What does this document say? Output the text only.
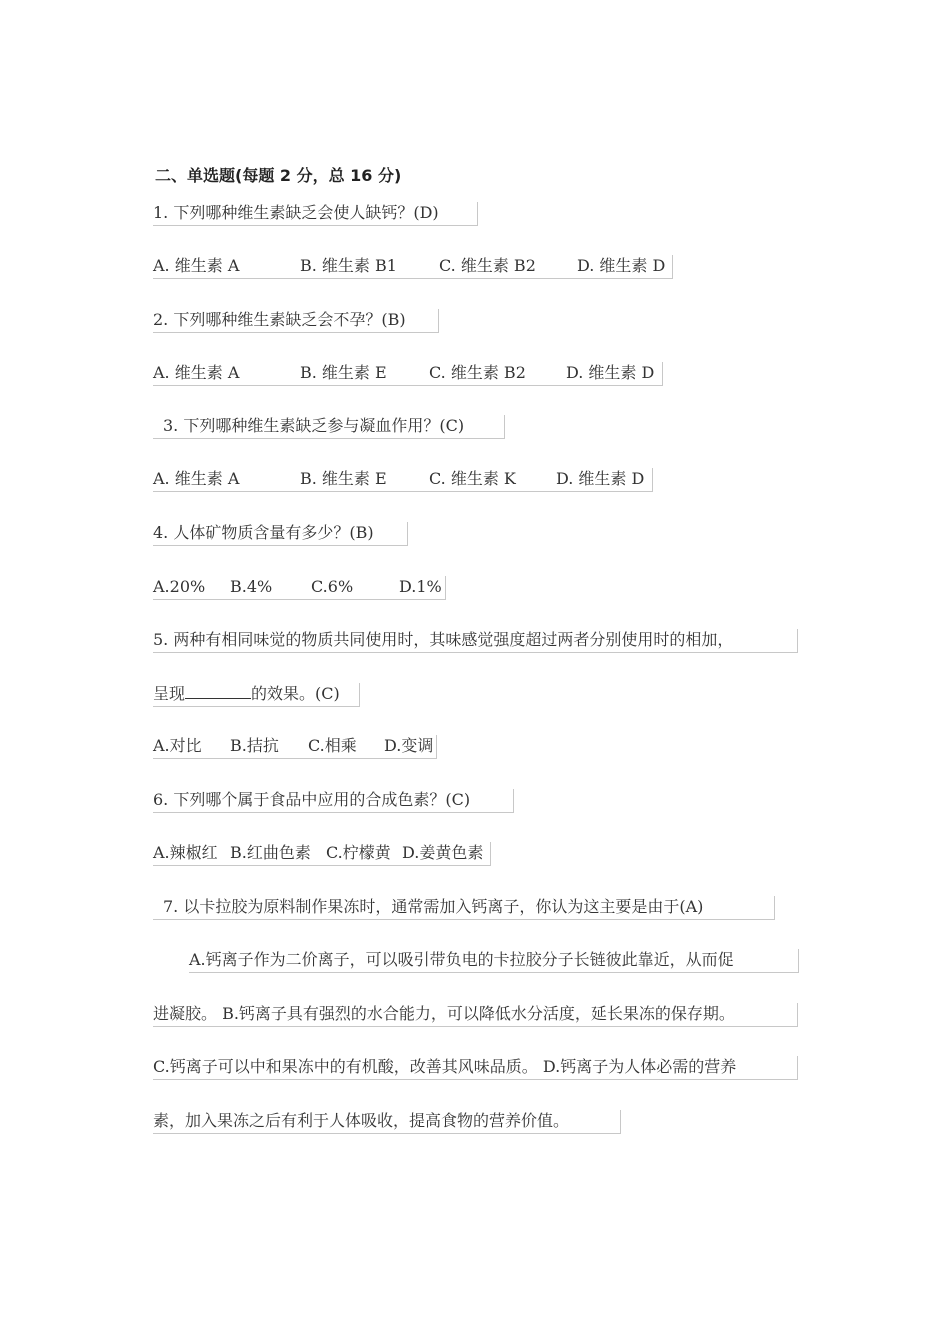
二、单选题(每题 2 分，总 16 分)
1. 下列哪种维生素缺乏会使人缺钙？(D)
A. 维生素 A	B. 维生素 B1	C. 维生素 B2	D. 维生素 D
2. 下列哪种维生素缺乏会不孕？(B)
A. 维生素 A	B. 维生素 E	C. 维生素 B2	D. 维生素 D
3. 下列哪种维生素缺乏参与凝血作用？(C)
A. 维生素 A	B. 维生素 E	C. 维生素 K	D. 维生素 D
4. 人体矿物质含量有多少？(B)
A.20% B.4% C.6%	D.1%
5. 两种有相同味觉的物质共同使用时，其味感觉强度超过两者分别使用时的相加，
呈现	的效果。(C)
A.对比 B.拮抗 C.相乘 D.变调
6. 下列哪个属于食品中应用的合成色素？(C)
A.辣椒红 B.红曲色素 C.柠檬黄 D.姜黄色素
7. 以卡拉胶为原料制作果冻时，通常需加入钙离子，你认为这主要是由于(A)
A.钙离子作为二价离子，可以吸引带负电的卡拉胶分子长链彼此靠近，从而促
进凝胶。 B.钙离子具有强烈的水合能力，可以降低水分活度，延长果冻的保存期。
C.钙离子可以中和果冻中的有机酸，改善其风味品质。 D.钙离子为人体必需的营养
素，加入果冻之后有利于人体吸收，提高食物的营养价值。
